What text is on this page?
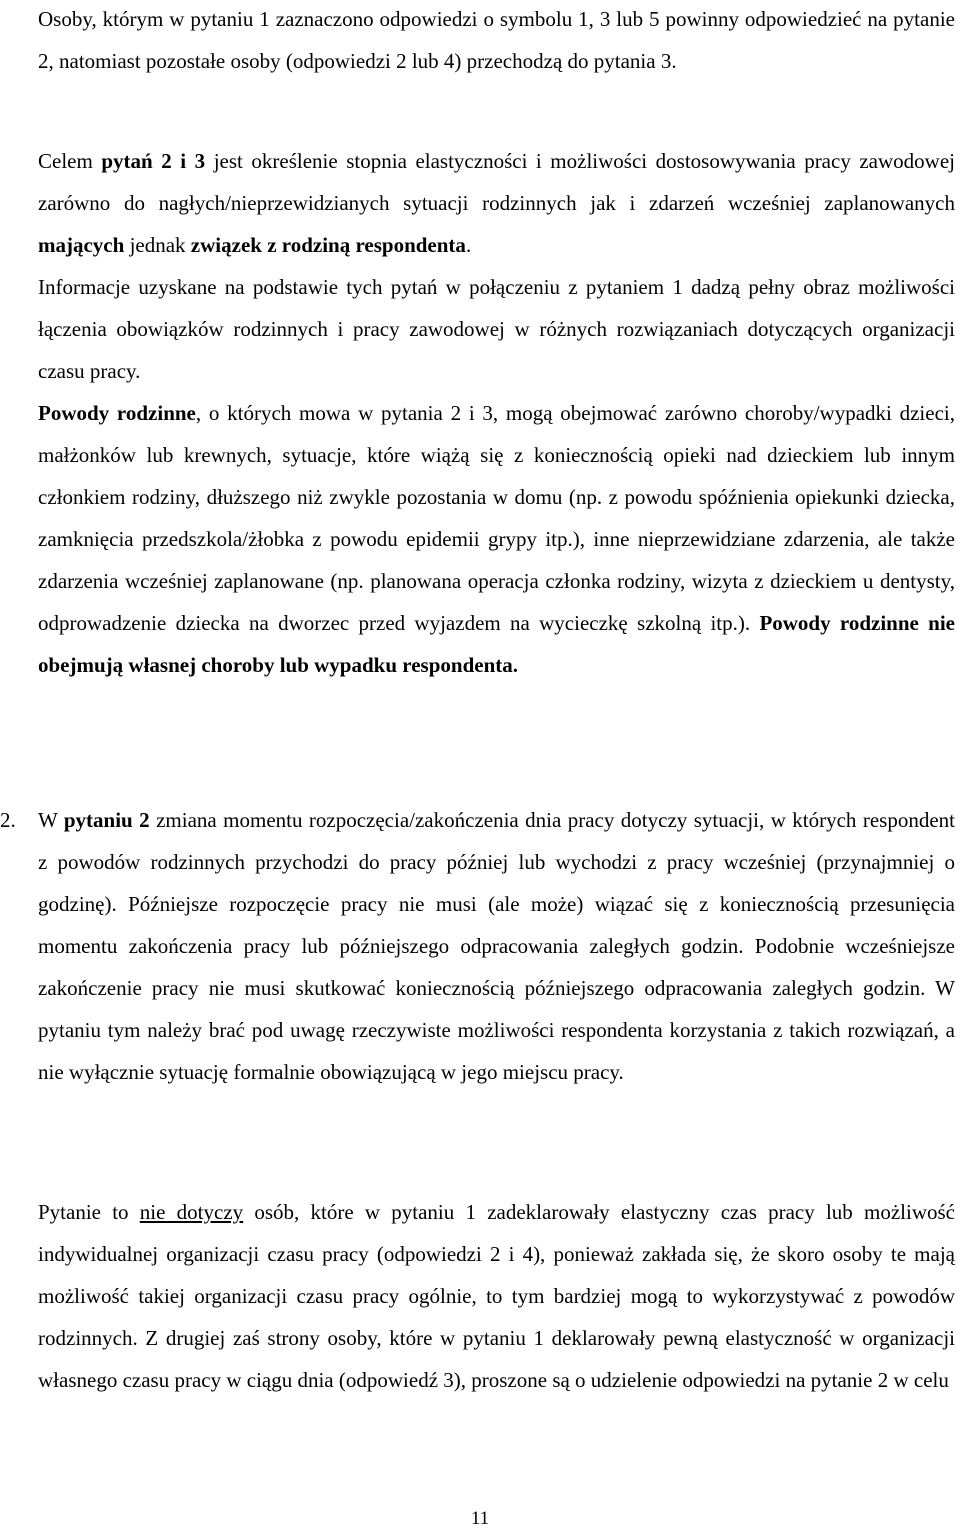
Osoby, którym w pytaniu 1 zaznaczono odpowiedzi o symbolu 1, 3 lub 5 powinny odpowiedzieć na pytanie 2, natomiast pozostałe osoby (odpowiedzi 2 lub 4) przechodzą do pytania 3.
Celem pytań 2 i 3 jest określenie stopnia elastyczności i możliwości dostosowywania pracy zawodowej zarówno do nagłych/nieprzewidzianych sytuacji rodzinnych jak i zdarzeń wcześniej zaplanowanych mających jednak związek z rodziną respondenta.
Informacje uzyskane na podstawie tych pytań w połączeniu z pytaniem 1 dadzą pełny obraz możliwości łączenia obowiązków rodzinnych i pracy zawodowej w różnych rozwiązaniach dotyczących organizacji czasu pracy.
Powody rodzinne, o których mowa w pytania 2 i 3, mogą obejmować zarówno choroby/wypadki dzieci, małżonków lub krewnych, sytuacje, które wiążą się z koniecznością opieki nad dzieckiem lub innym członkiem rodziny, dłuższego niż zwykle pozostania w domu (np. z powodu spóźnienia opiekunki dziecka, zamknięcia przedszkola/żłobka z powodu epidemii grypy itp.), inne nieprzewidziane zdarzenia, ale także zdarzenia wcześniej zaplanowane (np. planowana operacja członka rodziny, wizyta z dzieckiem u dentysty, odprowadzenie dziecka na dworzec przed wyjazdem na wycieczkę szkolną itp.). Powody rodzinne nie obejmują własnej choroby lub wypadku respondenta.
2. W pytaniu 2 zmiana momentu rozpoczęcia/zakończenia dnia pracy dotyczy sytuacji, w których respondent z powodów rodzinnych przychodzi do pracy później lub wychodzi z pracy wcześniej (przynajmniej o godzinę). Późniejsze rozpoczęcie pracy nie musi (ale może) wiązać się z koniecznością przesunięcia momentu zakończenia pracy lub późniejszego odpracowania zaległych godzin. Podobnie wcześniejsze zakończenie pracy nie musi skutkować koniecznością późniejszego odpracowania zaległych godzin. W pytaniu tym należy brać pod uwagę rzeczywiste możliwości respondenta korzystania z takich rozwiązań, a nie wyłącznie sytuację formalnie obowiązującą w jego miejscu pracy.
Pytanie to nie dotyczy osób, które w pytaniu 1 zadeklarowały elastyczny czas pracy lub możliwość indywidualnej organizacji czasu pracy (odpowiedzi 2 i 4), ponieważ zakłada się, że skoro osoby te mają możliwość takiej organizacji czasu pracy ogólnie, to tym bardziej mogą to wykorzystywać z powodów rodzinnych. Z drugiej zaś strony osoby, które w pytaniu 1 deklarowały pewną elastyczność w organizacji własnego czasu pracy w ciągu dnia (odpowiedź 3), proszone są o udzielenie odpowiedzi na pytanie 2 w celu
11
